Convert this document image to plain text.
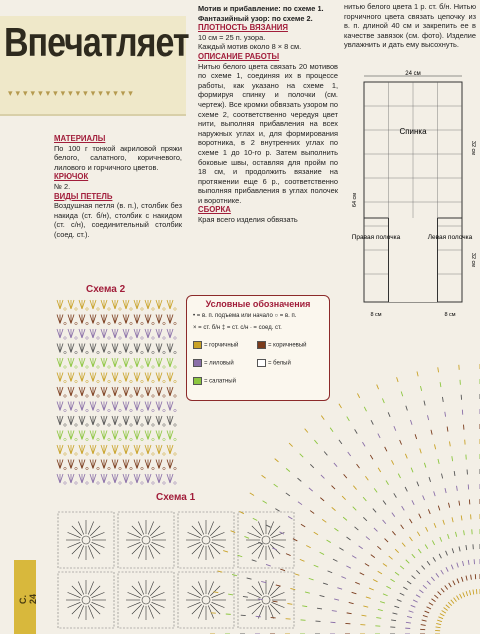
Впечатляет
▾▾▾▾▾▾▾▾▾▾▾▾▾▾▾▾▾

МАТЕРИАЛЫ

По 100 г тонкой акриловой пряжи белого, салатного, коричневого, лилового и горчичного цветов.

КРЮЧОК

№ 2.

ВИДЫ ПЕТЕЛЬ

Воздушная петля (в. п.), столбик без накида (ст. б/н), столбик с накидом (ст. с/н), соединительный столбик (соед. ст.).

Мотив и прибавление: по схеме 1.

Фантазийный узор: по схеме 2.

ПЛОТНОСТЬ ВЯЗАНИЯ

10 см = 25 п. узора.

Каждый мотив около 8 × 8 см.

ОПИСАНИЕ РАБОТЫ

Нитью белого цвета связать 20 мотивов по схеме 1, соединяя их в процессе работы, как указано на схеме 1, формируя спинку и полочки (см. чертеж). Все кромки обвязать узором по схеме 2, соответственно чередуя цвет нити, выполняя прибавления на всех наружных углах и, для формирования воротника, в 2 внутренних углах по схеме 1 до 10-го р. Затем выполнить боковые швы, оставляя для пройм по 18 см, и продолжить вязание на протяжении еще 6 р., соответственно выполняя прибавления в углах полочек и воротнике.

СБОРКА

Края всего изделия обвязать

нитью белого цвета 1 р. ст. б/н. Нитью горчичного цвета связать цепочку из в. п. длиной 40 см и закрепить ее в качестве завязок (см. фото). Изделие увлажнить и дать ему высохнуть.

24 см
Спинка
Правая полочка	Левая полочка
64 см
32 см
32 см
8 см	8 см
Условные обозначения
• = в. п. подъема или начало ○ = в. п.
× = ст. б/н ‡ = ст. с/н ∙ = соед. ст.
= горчичный	= коричневый
= лиловый	= белый
= салатный
Схема 2
Схема 1
С. 24
